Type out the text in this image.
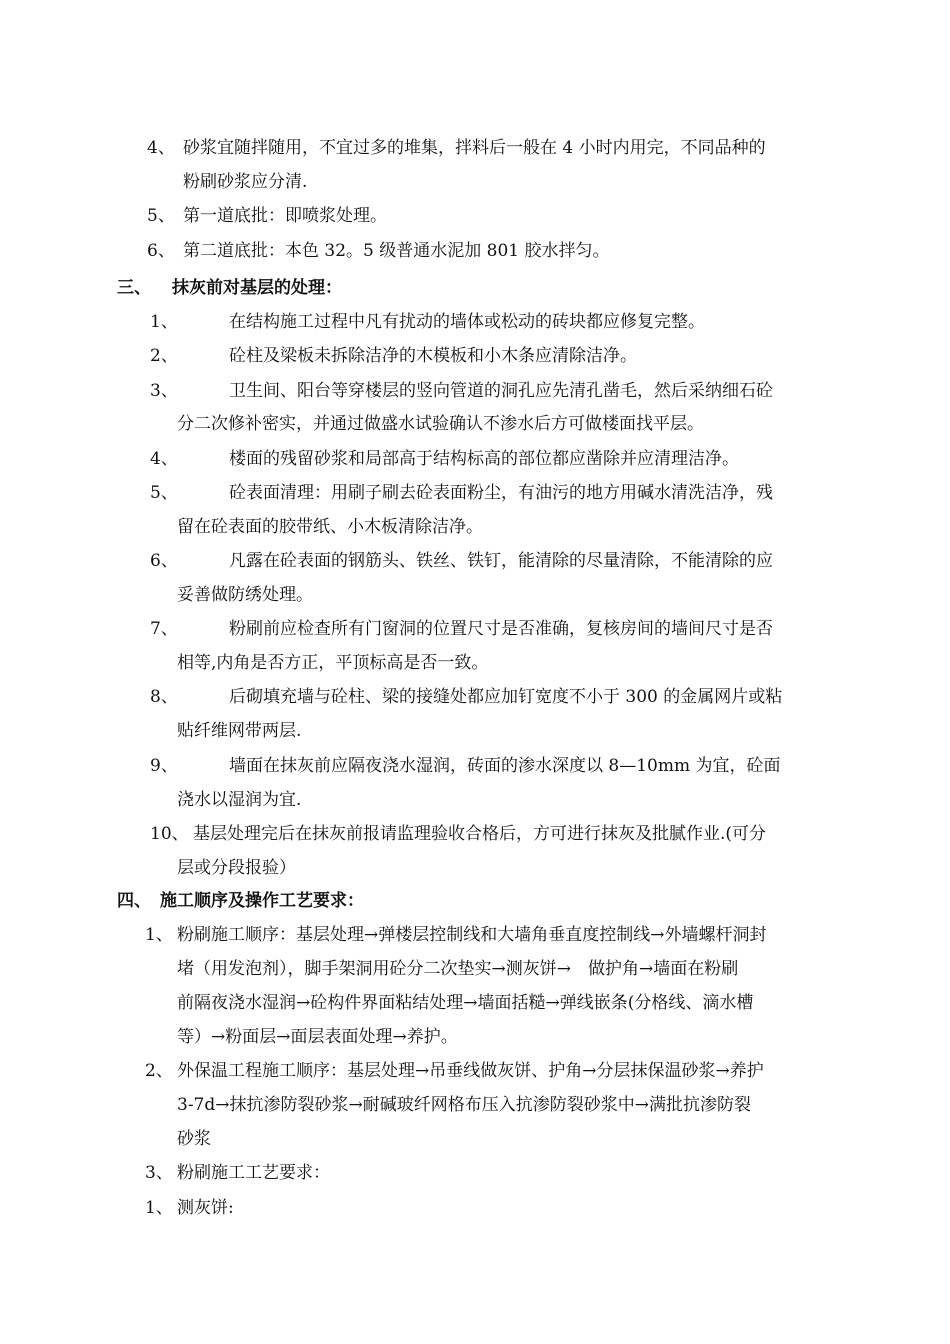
4、 砂浆宜随拌随用，不宜过多的堆集，拌料后一般在 4 小时内用完，不同品种的
粉刷砂浆应分清.
5、 第一道底批：即喷浆处理。
6、 第二道底批：本色 32。5 级普通水泥加 801 胶水拌匀。
三、 抹灰前对基层的处理：
1、	在结构施工过程中凡有扰动的墙体或松动的砖块都应修复完整。
2、	砼柱及梁板未拆除洁净的木模板和小木条应清除洁净。
3、	卫生间、阳台等穿楼层的竖向管道的洞孔应先清孔凿毛，然后采纳细石砼
分二次修补密实，并通过做盛水试验确认不渗水后方可做楼面找平层。
4、	楼面的残留砂浆和局部高于结构标高的部位都应凿除并应清理洁净。
5、	砼表面清理：用刷子刷去砼表面粉尘，有油污的地方用碱水清洗洁净，残
留在砼表面的胶带纸、小木板清除洁净。
6、	凡露在砼表面的钢筋头、铁丝、铁钉，能清除的尽量清除，不能清除的应
妥善做防绣处理。
7、	粉刷前应检查所有门窗洞的位置尺寸是否准确，复核房间的墙间尺寸是否
相等,内角是否方正，平顶标高是否一致。
8、	后砌填充墙与砼柱、梁的接缝处都应加钉宽度不小于 300 的金属网片或粘
贴纤维网带两层.
9、	墙面在抹灰前应隔夜浇水湿润，砖面的渗水深度以 8—10mm 为宜，砼面
浇水以湿润为宜.
10、 基层处理完后在抹灰前报请监理验收合格后，方可进行抹灰及批腻作业.(可分
层或分段报验）
四、 施工顺序及操作工艺要求：
1、 粉刷施工顺序：基层处理→弹楼层控制线和大墙角垂直度控制线→外墙螺杆洞封
堵（用发泡剂），脚手架洞用砼分二次垫实→测灰饼→　做护角→墙面在粉刷
前隔夜浇水湿润→砼构件界面粘结处理→墙面括糙→弹线嵌条(分格线、滴水槽
等）→粉面层→面层表面处理→养护。
2、 外保温工程施工顺序：基层处理→吊垂线做灰饼、护角→分层抹保温砂浆→养护
3-7d→抹抗渗防裂砂浆→耐碱玻纤网格布压入抗渗防裂砂浆中→满批抗渗防裂
砂浆
3、 粉刷施工工艺要求：
1、 测灰饼:
